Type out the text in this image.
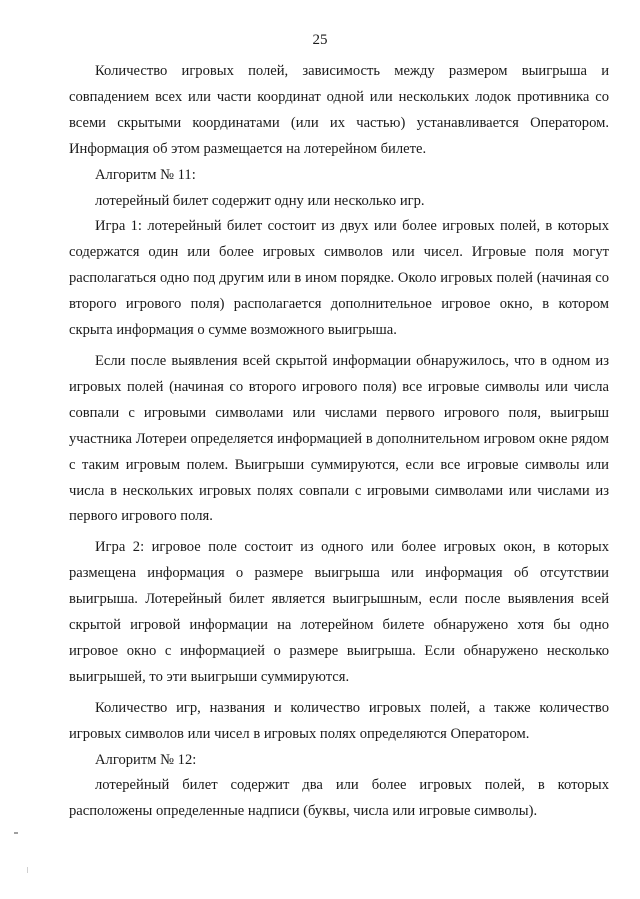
25

Количество игровых полей, зависимость между размером выигрыша и совпадением всех или части координат одной или нескольких лодок противника со всеми скрытыми координатами (или их частью) устанавливается Оператором. Информация об этом размещается на лотерейном билете.

Алгоритм № 11:

лотерейный билет содержит одну или несколько игр.

Игра 1: лотерейный билет состоит из двух или более игровых полей, в которых содержатся один или более игровых символов или чисел. Игровые поля могут располагаться одно под другим или в ином порядке. Около игровых полей (начиная со второго игрового поля) располагается дополнительное игровое окно, в котором скрыта информация о сумме возможного выигрыша.

Если после выявления всей скрытой информации обнаружилось, что в одном из игровых полей (начиная со второго игрового поля) все игровые символы или числа совпали с игровыми символами или числами первого игрового поля, выигрыш участника Лотереи определяется информацией в дополнительном игровом окне рядом с таким игровым полем. Выигрыши суммируются, если все игровые символы или числа в нескольких игровых полях совпали с игровыми символами или числами из первого игрового поля.

Игра 2: игровое поле состоит из одного или более игровых окон, в которых размещена информация о размере выигрыша или информация об отсутствии выигрыша. Лотерейный билет является выигрышным, если после выявления всей скрытой игровой информации на лотерейном билете обнаружено хотя бы одно игровое окно с информацией о размере выигрыша. Если обнаружено несколько выигрышей, то эти выигрыши суммируются.

Количество игр, названия и количество игровых полей, а также количество игровых символов или чисел в игровых полях определяются Оператором.

Алгоритм № 12:

лотерейный билет содержит два или более игровых полей, в которых расположены определенные надписи (буквы, числа или игровые символы).
